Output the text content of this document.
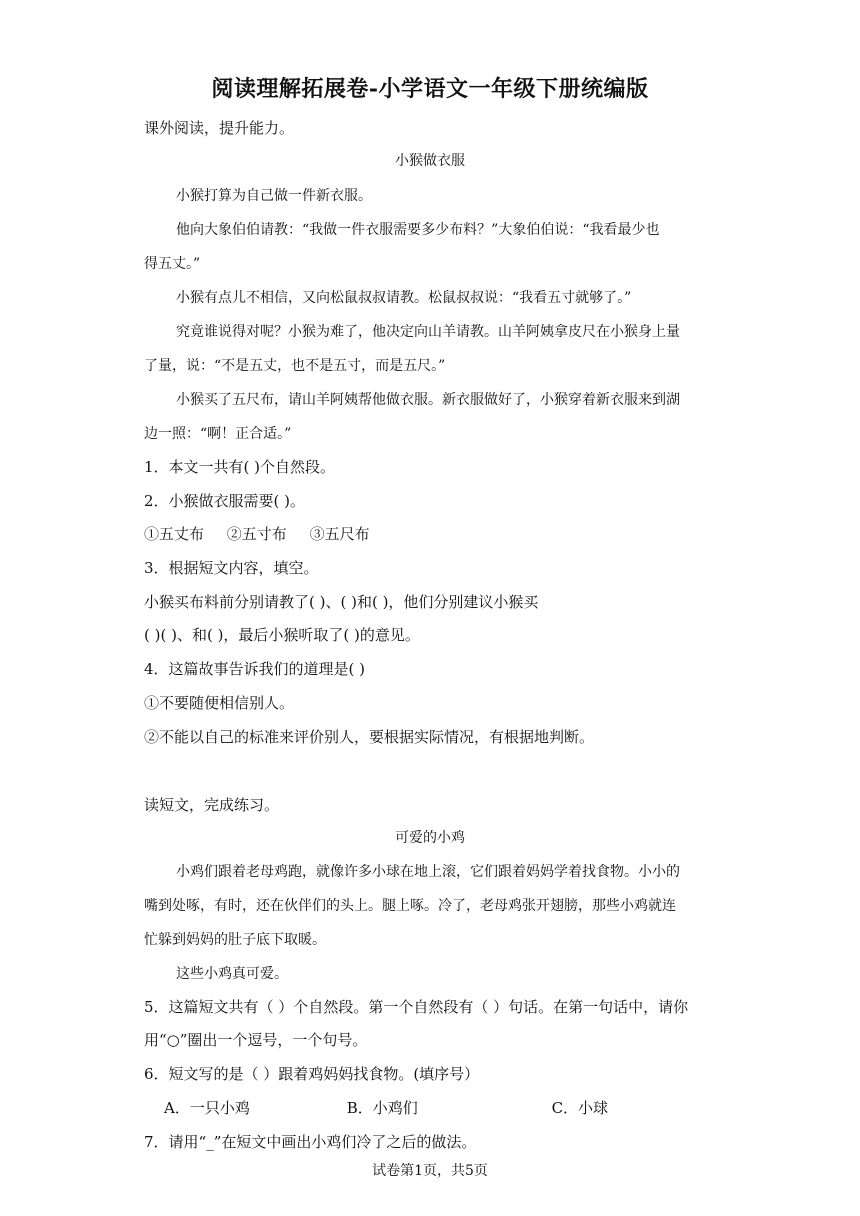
阅读理解拓展卷-小学语文一年级下册统编版
课外阅读，提升能力。
小猴做衣服
小猴打算为自己做一件新衣服。
他向大象伯伯请教：“我做一件衣服需要多少布料？”大象伯伯说：“我看最少也
得五丈。”
小猴有点儿不相信，又向松鼠叔叔请教。松鼠叔叔说：“我看五寸就够了。”
究竟谁说得对呢？小猴为难了，他决定向山羊请教。山羊阿姨拿皮尺在小猴身上量
了量，说：“不是五丈，也不是五寸，而是五尺。”
小猴买了五尺布，请山羊阿姨帮他做衣服。新衣服做好了，小猴穿着新衣服来到湖
边一照：“啊！正合适。”
1．本文一共有( )个自然段。
2．小猴做衣服需要( )。
①五丈布 ②五寸布 ③五尺布
3．根据短文内容，填空。
小猴买布料前分别请教了( )、( )和( )，他们分别建议小猴买
( )( )、和( )，最后小猴听取了( )的意见。
4．这篇故事告诉我们的道理是( )
①不要随便相信别人。
②不能以自己的标准来评价别人，要根据实际情况，有根据地判断。
读短文，完成练习。
可爱的小鸡
小鸡们跟着老母鸡跑，就像许多小球在地上滚，它们跟着妈妈学着找食物。小小的
嘴到处啄，有时，还在伙伴们的头上。腿上啄。冷了，老母鸡张开翅膀，那些小鸡就连
忙躲到妈妈的肚子底下取暖。
这些小鸡真可爱。
5．这篇短文共有（ ）个自然段。第一个自然段有（ ）句话。在第一句话中，请你
用“○”圈出一个逗号，一个句号。
6．短文写的是（ ）跟着鸡妈妈找食物。(填序号）
A．一只小鸡	B．小鸡们	C．小球
7．请用“_”在短文中画出小鸡们冷了之后的做法。
试卷第1页，共5页
